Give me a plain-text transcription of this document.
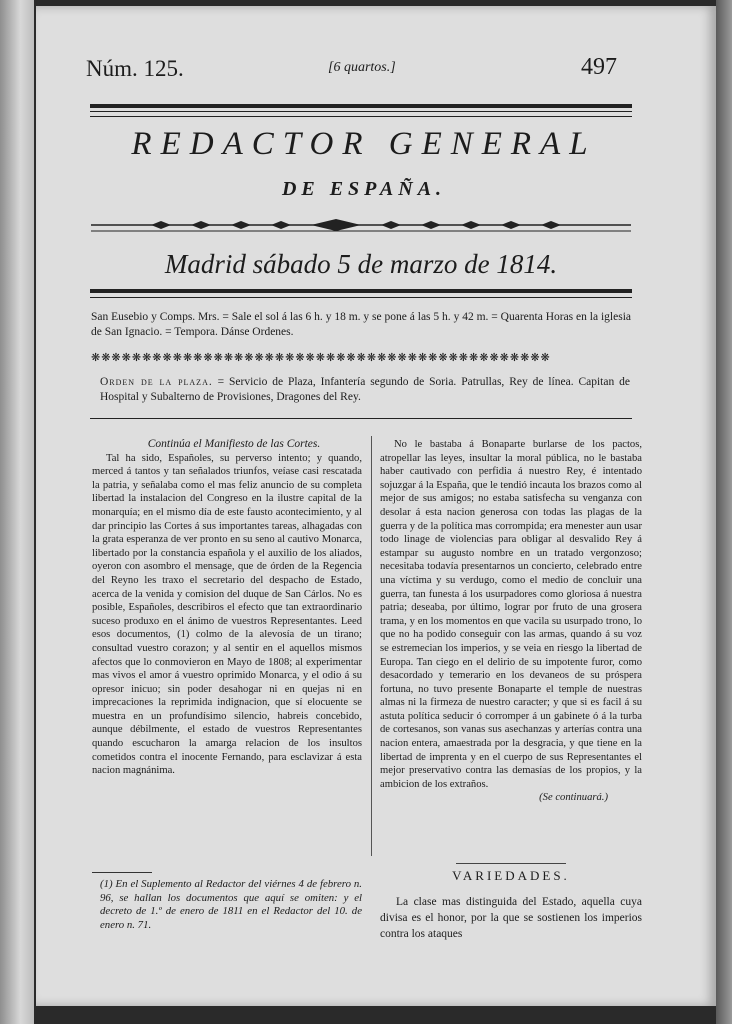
Núm. 125.	[6 quartos.]	497
REDACTOR GENERAL
DE ESPAÑA.
Madrid sábado 5 de marzo de 1814.
San Eusebio y Comps. Mrs. = Sale el sol á las 6 h. y 18 m. y se pone á las 5 h. y 42 m. = Quarenta Horas en la iglesia de San Ignacio. = Tempora. Dánse Ordenes.
❋❋❋❋❋❋❋❋❋❋❋❋❋❋❋❋❋❋❋❋❋❋❋❋❋❋❋❋❋❋❋❋❋❋❋❋❋❋❋❋❋❋❋❋❋
Orden de la plaza. = Servicio de Plaza, Infantería segundo de Soria. Patrullas, Rey de línea. Capitan de Hospital y Subalterno de Provisiones, Dragones del Rey.

Continúa el Manifiesto de las Cortes.

Tal ha sido, Españoles, su perverso intento; y quando, merced á tantos y tan señalados triunfos, veíase casi rescatada la patria, y señalaba como el mas feliz anuncio de su completa libertad la instalacion del Congreso en la ilustre capital de la monarquía; en el mismo día de este fausto acontecimiento, y al dar principio las Cortes á sus importantes tareas, alhagadas con la grata esperanza de ver pronto en su seno al cautivo Monarca, libertado por la constancia española y el auxilio de los aliados, oyeron con asombro el mensage, que de órden de la Regencia del Reyno les traxo el secretario del despacho de Estado, acerca de la venida y comision del duque de San Cárlos. No es posible, Españoles, describiros el efecto que tan extraordinario suceso produxo en el ánimo de vuestros Representantes. Leed esos documentos, (1) colmo de la alevosía de un tirano; consultad vuestro corazon; y al sentir en el aquellos mismos afectos que lo conmovieron en Mayo de 1808; al experimentar mas vivos el amor á vuestro oprimido Monarca, y el odio á su opresor inicuo; sin poder desahogar ni en quejas ni en imprecaciones la reprimida indignacion, que sí elocuente se muestra en un profundísimo silencio, habreis concebido, aunque débilmente, el estado de vuestros Representantes quando escucharon la amarga relacion de los insultos cometidos contra el inocente Fernando, para esclavizar á esta nacion magnánima.

No le bastaba á Bonaparte burlarse de los pactos, atropellar las leyes, insultar la moral pública, no le bastaba haber cautivado con perfidia á nuestro Rey, é intentado sojuzgar á la España, que le tendió incauta los brazos como al mejor de sus amigos; no estaba satisfecha su venganza con desolar á esta nacion generosa con todas las plagas de la guerra y de la política mas corrompida; era menester aun usar todo linage de violencias para obligar al desvalido Rey á estampar su augusto nombre en un tratado vergonzoso; necesitaba todavía presentarnos un concierto, celebrado entre una víctima y su verdugo, como el medio de concluir una guerra, tan funesta á los usurpadores como gloriosa á nuestra patria; deseaba, por último, lograr por fruto de una grosera trama, y en los momentos en que vacila su usurpado trono, lo que no ha podido conseguir con las armas, quando á su voz se estremecian los imperios, y se veia en riesgo la libertad de Europa. Tan ciego en el delirio de su impotente furor, como desacordado y temerario en los devaneos de su próspera fortuna, no tuvo presente Bonaparte el temple de nuestras almas ni la firmeza de nuestro caracter; y que si es facil á su astuta política seducir ó corromper á un gabinete ó á la turba de cortesanos, son vanas sus asechanzas y arterías contra una nacion entera, amaestrada por la desgracia, y que tiene en la libertad de imprenta y en el cuerpo de sus Representantes el mejor preservativo contra las demasías de los propios, y la ambicion de los extraños.

(Se continuará.)

(1) En el Suplemento al Redactor del viérnes 4 de febrero n. 96, se hallan los documentos que aquí se omiten: y el decreto de 1.º de enero de 1811 en el Redactor del 10. de enero n. 71.
VARIEDADES.

La clase mas distinguida del Estado, aquella cuya divisa es el honor, por la que se sostienen los imperios contra los ataques
